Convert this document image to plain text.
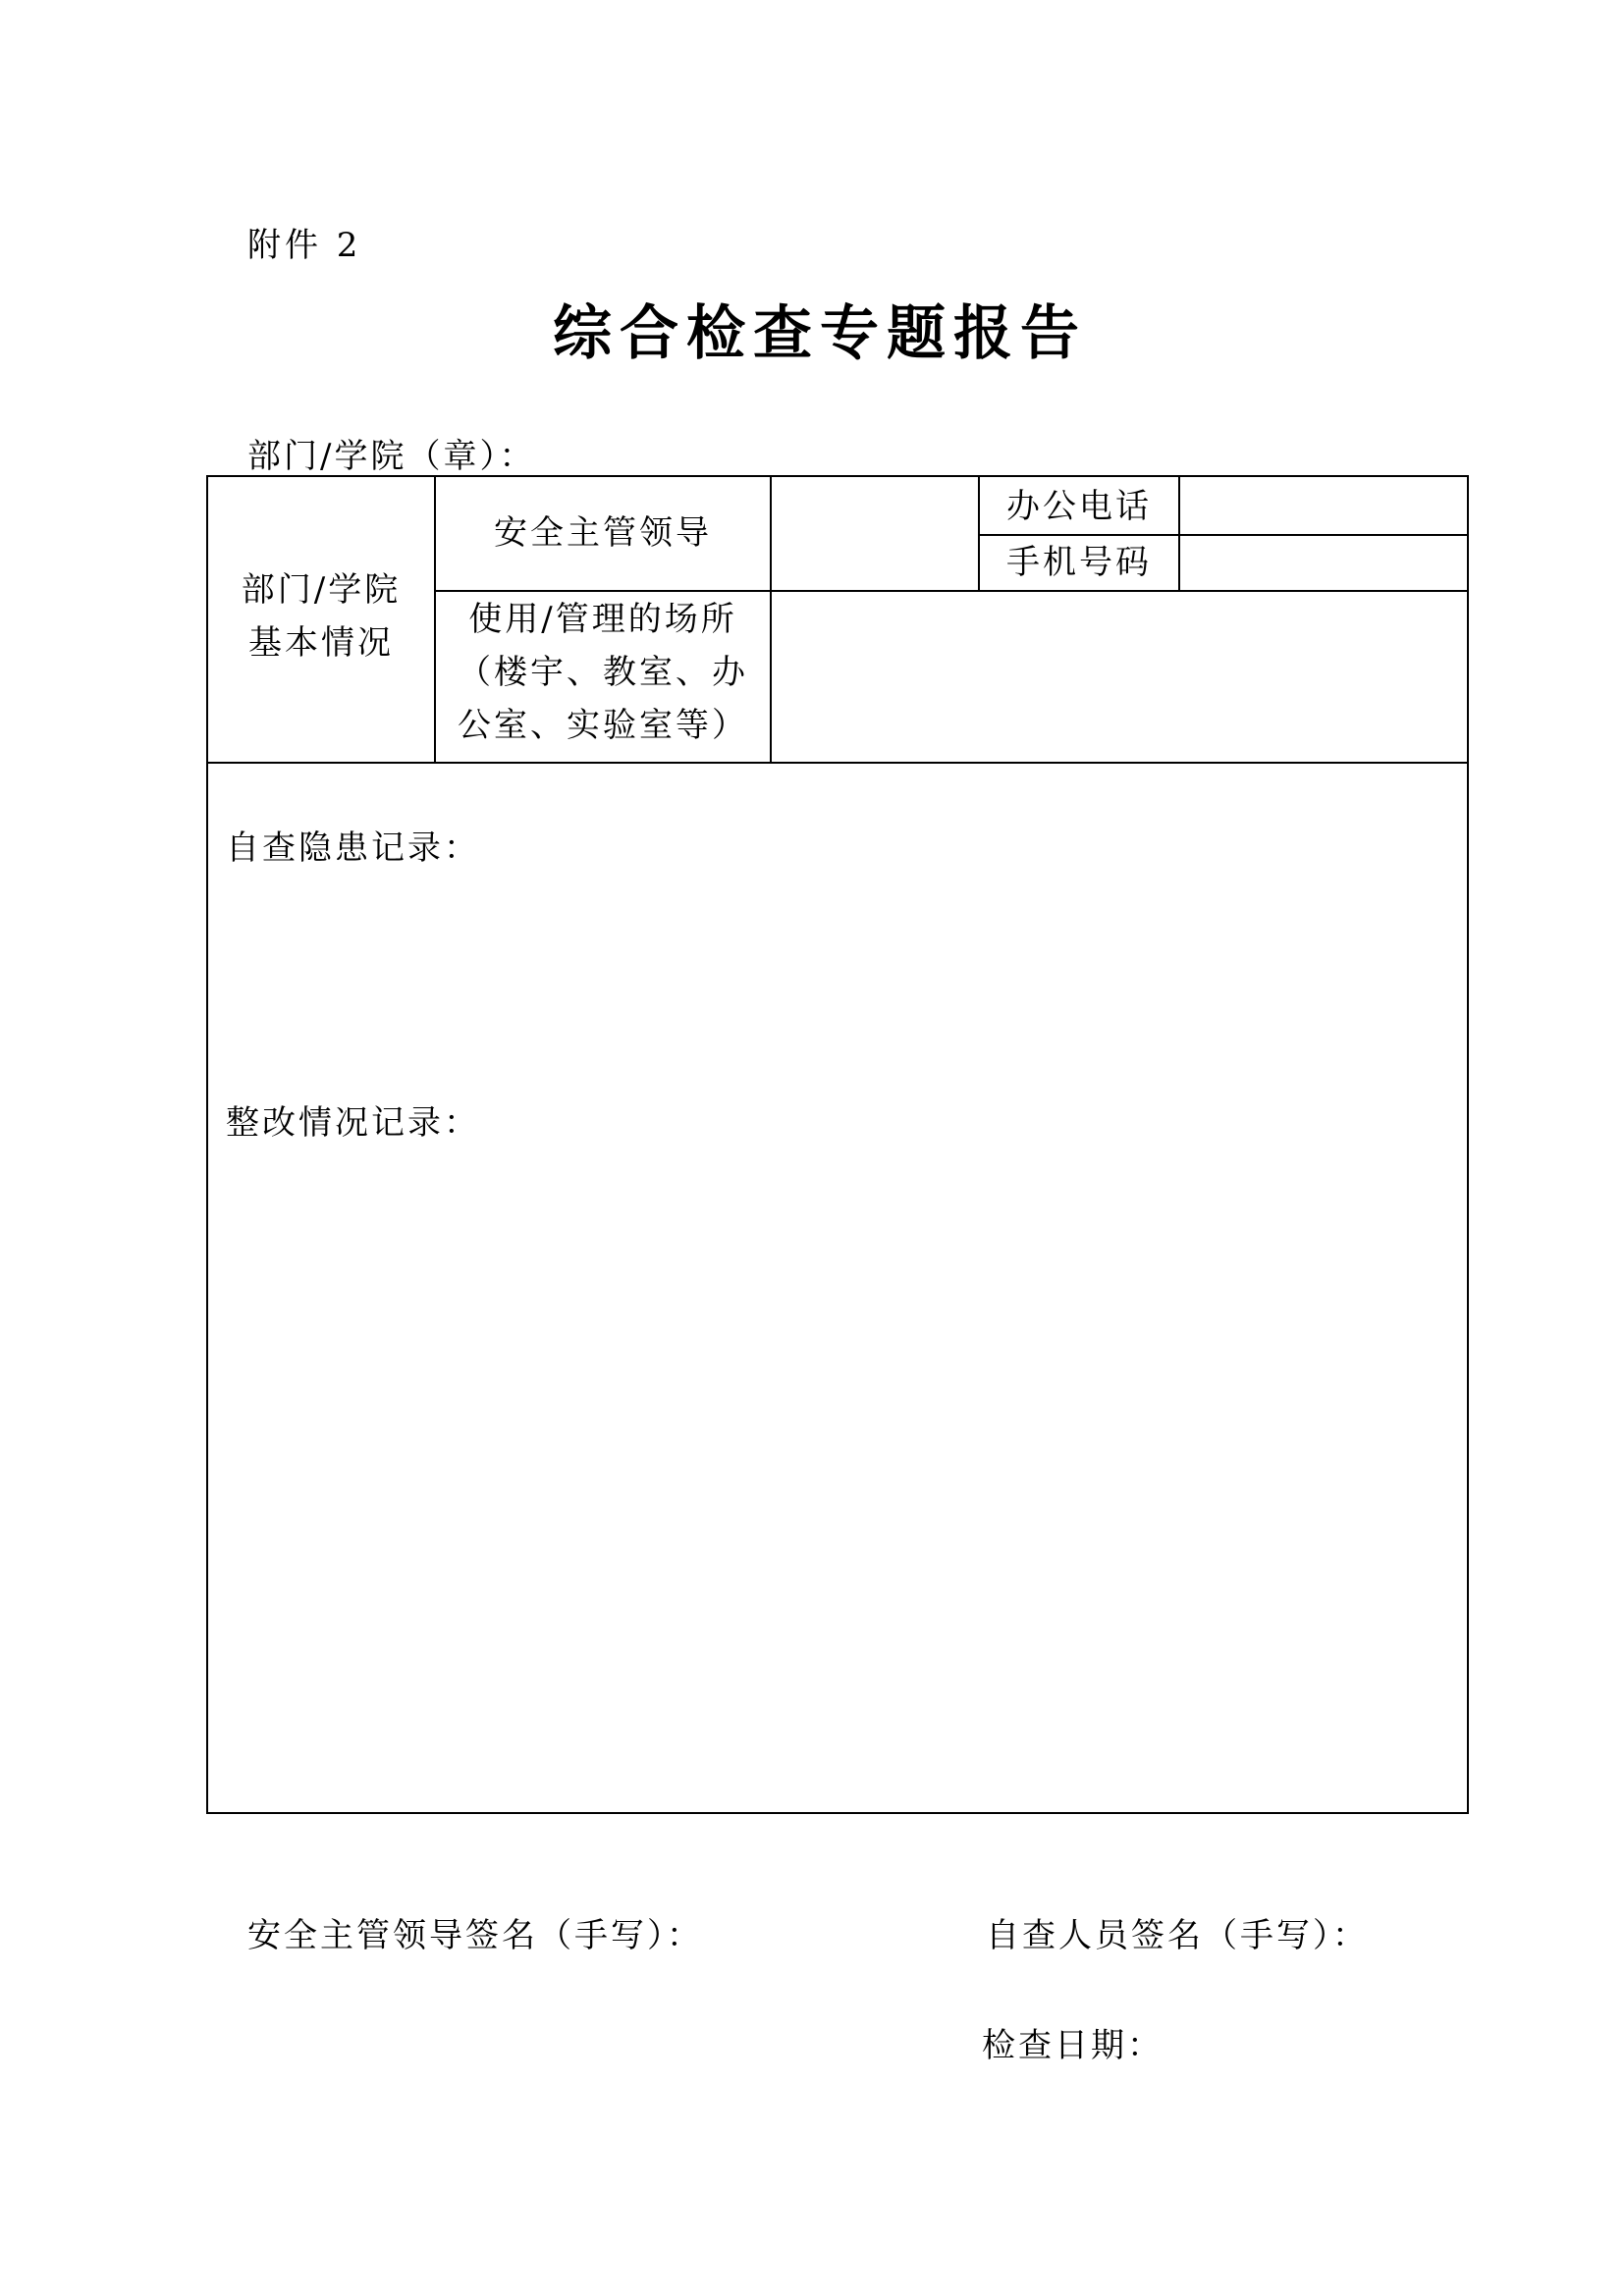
附件 2
综合检查专题报告
部门/学院（章）：
部门/学院
基本情况
安全主管领导
办公电话
手机号码
使用/管理的场所
（楼宇、教室、办
公室、实验室等）
自查隐患记录：
整改情况记录：
安全主管领导签名（手写）：	自查人员签名（手写）：
检查日期：
